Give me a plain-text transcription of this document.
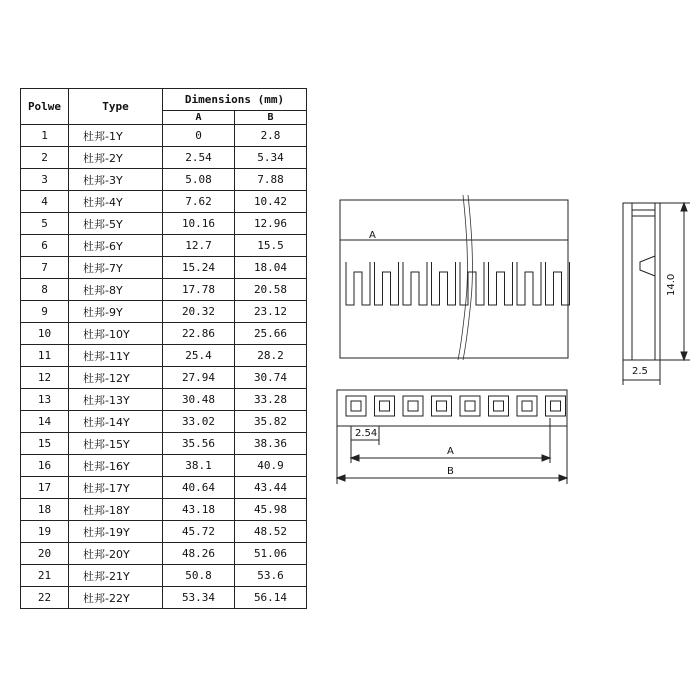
Polwe	Type	Dimensions (mm)	
		A	B
1	杜邦-1Y	0	2.8
2	杜邦-2Y	2.54	5.34
3	杜邦-3Y	5.08	7.88
4	杜邦-4Y	7.62	10.42
5	杜邦-5Y	10.16	12.96
6	杜邦-6Y	12.7	15.5
7	杜邦-7Y	15.24	18.04
8	杜邦-8Y	17.78	20.58
9	杜邦-9Y	20.32	23.12
10	杜邦-10Y	22.86	25.66
11	杜邦-11Y	25.4	28.2
12	杜邦-12Y	27.94	30.74
13	杜邦-13Y	30.48	33.28
14	杜邦-14Y	33.02	35.82
15	杜邦-15Y	35.56	38.36
16	杜邦-16Y	38.1	40.9
17	杜邦-17Y	40.64	43.44
18	杜邦-18Y	43.18	45.98
19	杜邦-19Y	45.72	48.52
20	杜邦-20Y	48.26	51.06
21	杜邦-21Y	50.8	53.6
22	杜邦-22Y	53.34	56.14
A
14.0
2.5
2.54
A
B
